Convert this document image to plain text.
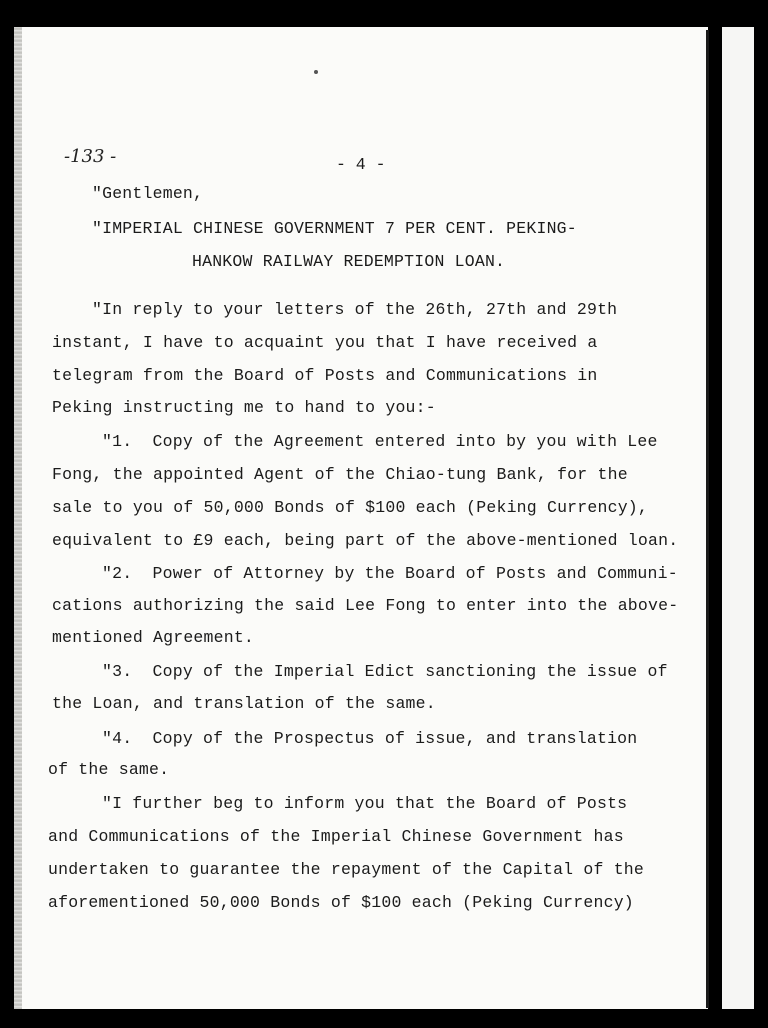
-133 -	- 4 -

"Gentlemen,

"IMPERIAL CHINESE GOVERNMENT 7 PER CENT. PEKING-

HANKOW RAILWAY REDEMPTION LOAN.

"In reply to your letters of the 26th, 27th and 29th

instant, I have to acquaint you that I have received a

telegram from the Board of Posts and Communications in

Peking instructing me to hand to you:-

"1.  Copy of the Agreement entered into by you with Lee

Fong, the appointed Agent of the Chiao-tung Bank, for the

sale to you of 50,000 Bonds of $100 each (Peking Currency),

equivalent to £9 each, being part of the above-mentioned loan.

"2.  Power of Attorney by the Board of Posts and Communi-

cations authorizing the said Lee Fong to enter into the above-

mentioned Agreement.

"3.  Copy of the Imperial Edict sanctioning the issue of

the Loan, and translation of the same.

"4.  Copy of the Prospectus of issue, and translation

of the same.

"I further beg to inform you that the Board of Posts

and Communications of the Imperial Chinese Government has

undertaken to guarantee the repayment of the Capital of the

aforementioned 50,000 Bonds of $100 each (Peking Currency)
